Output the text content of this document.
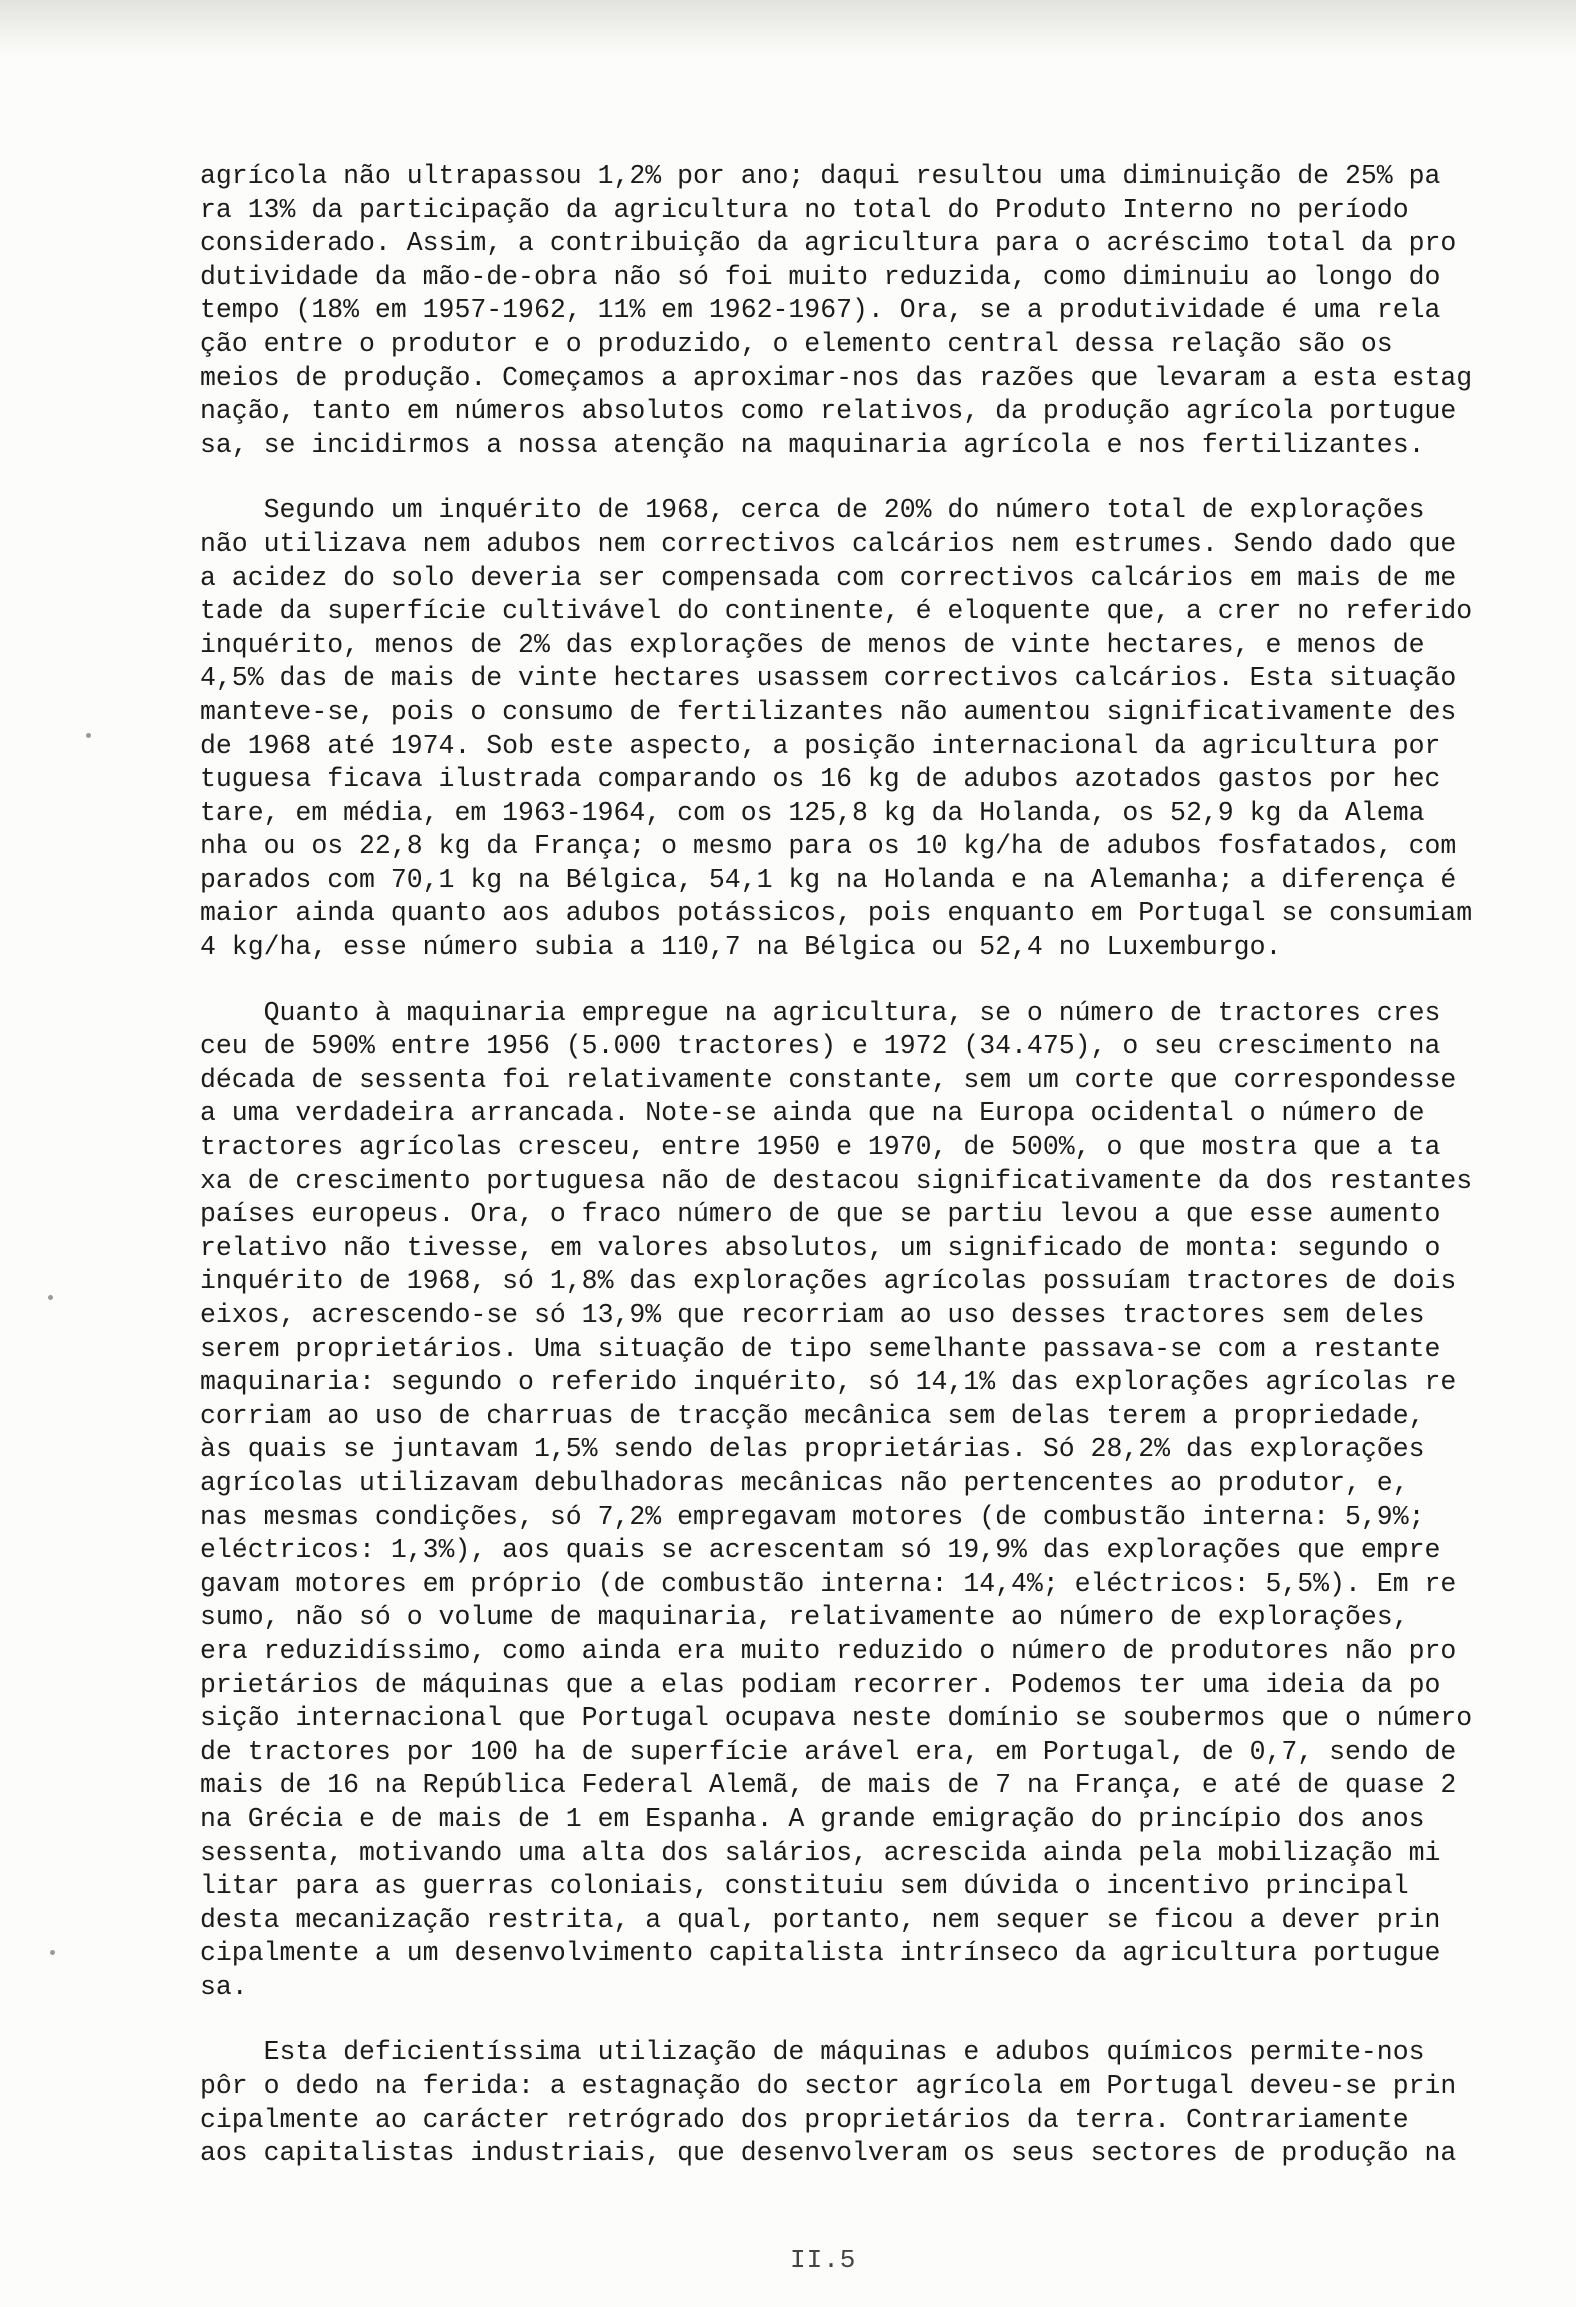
agrícola não ultrapassou 1,2% por ano; daqui resultou uma diminuição de 25% pa
ra 13% da participação da agricultura no total do Produto Interno no período
considerado. Assim, a contribuição da agricultura para o acréscimo total da pro
dutividade da mão-de-obra não só foi muito reduzida, como diminuiu ao longo do
tempo (18% em 1957-1962, 11% em 1962-1967). Ora, se a produtividade é uma rela
ção entre o produtor e o produzido, o elemento central dessa relação são os
meios de produção. Começamos a aproximar-nos das razões que levaram a esta estag
nação, tanto em números absolutos como relativos, da produção agrícola portugue
sa, se incidirmos a nossa atenção na maquinaria agrícola e nos fertilizantes.

Segundo um inquérito de 1968, cerca de 20% do número total de explorações
não utilizava nem adubos nem correctivos calcários nem estrumes. Sendo dado que
a acidez do solo deveria ser compensada com correctivos calcários em mais de me
tade da superfície cultivável do continente, é eloquente que, a crer no referido
inquérito, menos de 2% das explorações de menos de vinte hectares, e menos de
4,5% das de mais de vinte hectares usassem correctivos calcários. Esta situação
manteve-se, pois o consumo de fertilizantes não aumentou significativamente des
de 1968 até 1974. Sob este aspecto, a posição internacional da agricultura por
tuguesa ficava ilustrada comparando os 16 kg de adubos azotados gastos por hec
tare, em média, em 1963-1964, com os 125,8 kg da Holanda, os 52,9 kg da Alema
nha ou os 22,8 kg da França; o mesmo para os 10 kg/ha de adubos fosfatados, com
parados com 70,1 kg na Bélgica, 54,1 kg na Holanda e na Alemanha; a diferença é
maior ainda quanto aos adubos potássicos, pois enquanto em Portugal se consumiam
4 kg/ha, esse número subia a 110,7 na Bélgica ou 52,4 no Luxemburgo.

Quanto à maquinaria empregue na agricultura, se o número de tractores cres
ceu de 590% entre 1956 (5.000 tractores) e 1972 (34.475), o seu crescimento na
década de sessenta foi relativamente constante, sem um corte que correspondesse
a uma verdadeira arrancada. Note-se ainda que na Europa ocidental o número de
tractores agrícolas cresceu, entre 1950 e 1970, de 500%, o que mostra que a ta
xa de crescimento portuguesa não de destacou significativamente da dos restantes
países europeus. Ora, o fraco número de que se partiu levou a que esse aumento
relativo não tivesse, em valores absolutos, um significado de monta: segundo o
inquérito de 1968, só 1,8% das explorações agrícolas possuíam tractores de dois
eixos, acrescendo-se só 13,9% que recorriam ao uso desses tractores sem deles
serem proprietários. Uma situação de tipo semelhante passava-se com a restante
maquinaria: segundo o referido inquérito, só 14,1% das explorações agrícolas re
corriam ao uso de charruas de tracção mecânica sem delas terem a propriedade,
às quais se juntavam 1,5% sendo delas proprietárias. Só 28,2% das explorações
agrícolas utilizavam debulhadoras mecânicas não pertencentes ao produtor, e,
nas mesmas condições, só 7,2% empregavam motores (de combustão interna: 5,9%;
eléctricos: 1,3%), aos quais se acrescentam só 19,9% das explorações que empre
gavam motores em próprio (de combustão interna: 14,4%; eléctricos: 5,5%). Em re
sumo, não só o volume de maquinaria, relativamente ao número de explorações,
era reduzidíssimo, como ainda era muito reduzido o número de produtores não pro
prietários de máquinas que a elas podiam recorrer. Podemos ter uma ideia da po
sição internacional que Portugal ocupava neste domínio se soubermos que o número
de tractores por 100 ha de superfície arável era, em Portugal, de 0,7, sendo de
mais de 16 na República Federal Alemã, de mais de 7 na França, e até de quase 2
na Grécia e de mais de 1 em Espanha. A grande emigração do princípio dos anos
sessenta, motivando uma alta dos salários, acrescida ainda pela mobilização mi
litar para as guerras coloniais, constituiu sem dúvida o incentivo principal
desta mecanização restrita, a qual, portanto, nem sequer se ficou a dever prin
cipalmente a um desenvolvimento capitalista intrínseco da agricultura portugue
sa.

Esta deficientíssima utilização de máquinas e adubos químicos permite-nos
pôr o dedo na ferida: a estagnação do sector agrícola em Portugal deveu-se prin
cipalmente ao carácter retrógrado dos proprietários da terra. Contrariamente
aos capitalistas industriais, que desenvolveram os seus sectores de produção na

II.5
